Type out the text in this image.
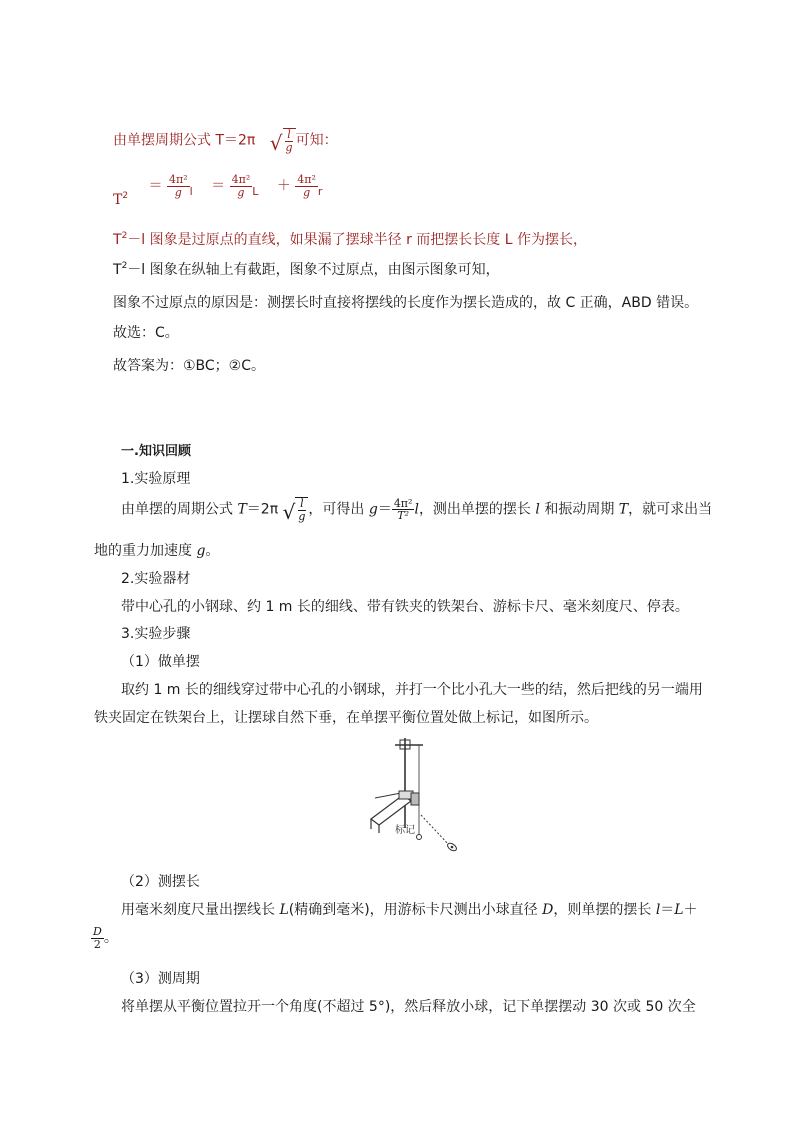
由单摆周期公式 T＝2π √ $\frac{l}{g}$ 可知：
$T_2 = \frac{\text{4π²}}{g} _l = \frac{\text{4π²}}{g} _L + \frac{\text{4π²}}{g} _r$
$T^2-l$ 图象是过原点的直线，如果漏了摆球半径 r 而把摆长长度 L 作为摆长，
$T^2-l$ 图象在纵轴上有截距，图象不过原点，由图示图象可知，
图象不过原点的原因是：测摆长时直接将摆线的长度作为摆长造成的，故 C 正确，ABD 错误。
故选：C。
故答案为：①BC；②C。
一.知识回顾
1.实验原理
由单摆的周期公式 T＝2π √ $\frac{l}{g}$ ，可得出 $g= \frac{\text{4π²}}{\text{T²}}$ l，测出单摆的摆长 l 和振动周期 T，就可求出当
地的重力加速度 g。
2.实验器材
带中心孔的小钢球、约 1 m 长的细线、带有铁夹的铁架台、游标卡尺、毫米刻度尺、停表。
3.实验步骤
（1）做单摆
取约 1 m 长的细线穿过带中心孔的小钢球，并打一个比小孔大一些的结，然后把线的另一端用
铁夹固定在铁架台上，让摆球自然下垂，在单摆平衡位置处做上标记，如图所示。
标记
（2）测摆长
用毫米刻度尺量出摆线长 L(精确到毫米)，用游标卡尺测出小球直径 D，则单摆的摆长 l＝L＋
$\frac{D}{2}$ 。
（3）测周期
将单摆从平衡位置拉开一个角度(不超过 5°)，然后释放小球，记下单摆摆动 30 次或 50 次全
